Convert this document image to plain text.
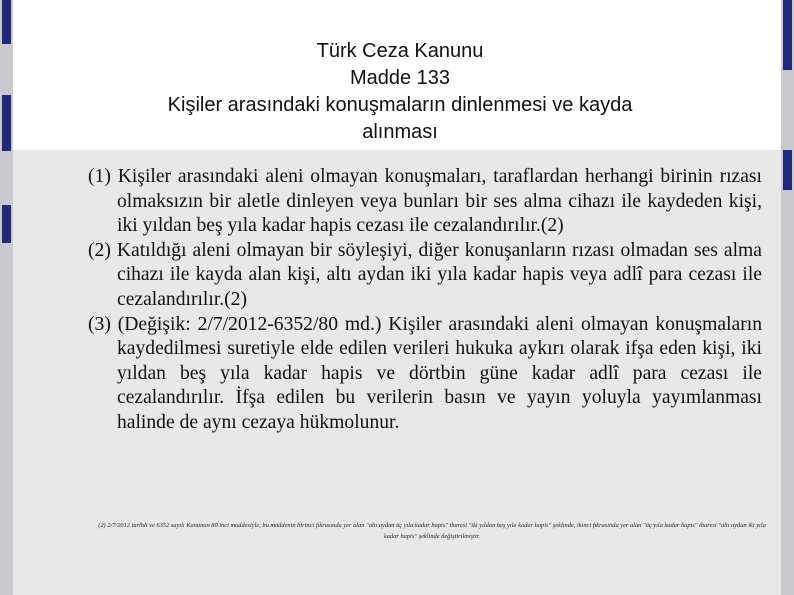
Türk Ceza Kanunu
Madde 133
Kişiler arasındaki konuşmaların dinlenmesi ve kayda
alınması

(1) Kişiler arasındaki aleni olmayan konuşmaları, taraflardan herhangi birinin rızası olmaksızın bir aletle dinleyen veya bunları bir ses alma cihazı ile kaydeden kişi, iki yıldan beş yıla kadar hapis cezası ile cezalandırılır.(2)

(2) Katıldığı aleni olmayan bir söyleşiyi, diğer konuşanların rızası olmadan ses alma cihazı ile kayda alan kişi, altı aydan iki yıla kadar hapis veya adlî para cezası ile cezalandırılır.(2)

(3) (Değişik: 2/7/2012-6352/80 md.) Kişiler arasındaki aleni olmayan konuşmaların kaydedilmesi suretiyle elde edilen verileri hukuka aykırı olarak ifşa eden kişi, iki yıldan beş yıla kadar hapis ve dörtbin güne kadar adlî para cezası ile cezalandırılır. İfşa edilen bu verilerin basın ve yayın yoluyla yayımlanması halinde de aynı cezaya hükmolunur.

(2) 2/7/2012 tarihli ve 6352 sayılı Kanunun 80 inci maddesiyle, bu maddenin birinci fıkrasında yer alan "altı aydan üç yıla kadar hapis" ibaresi "iki yıldan beş yıla kadar hapis" şeklinde, ikinci fıkrasında yer alan "üç yıla kadar hapis" ibaresi "altı aydan iki yıla kadar hapis" şeklinde değiştirilmiştir.
